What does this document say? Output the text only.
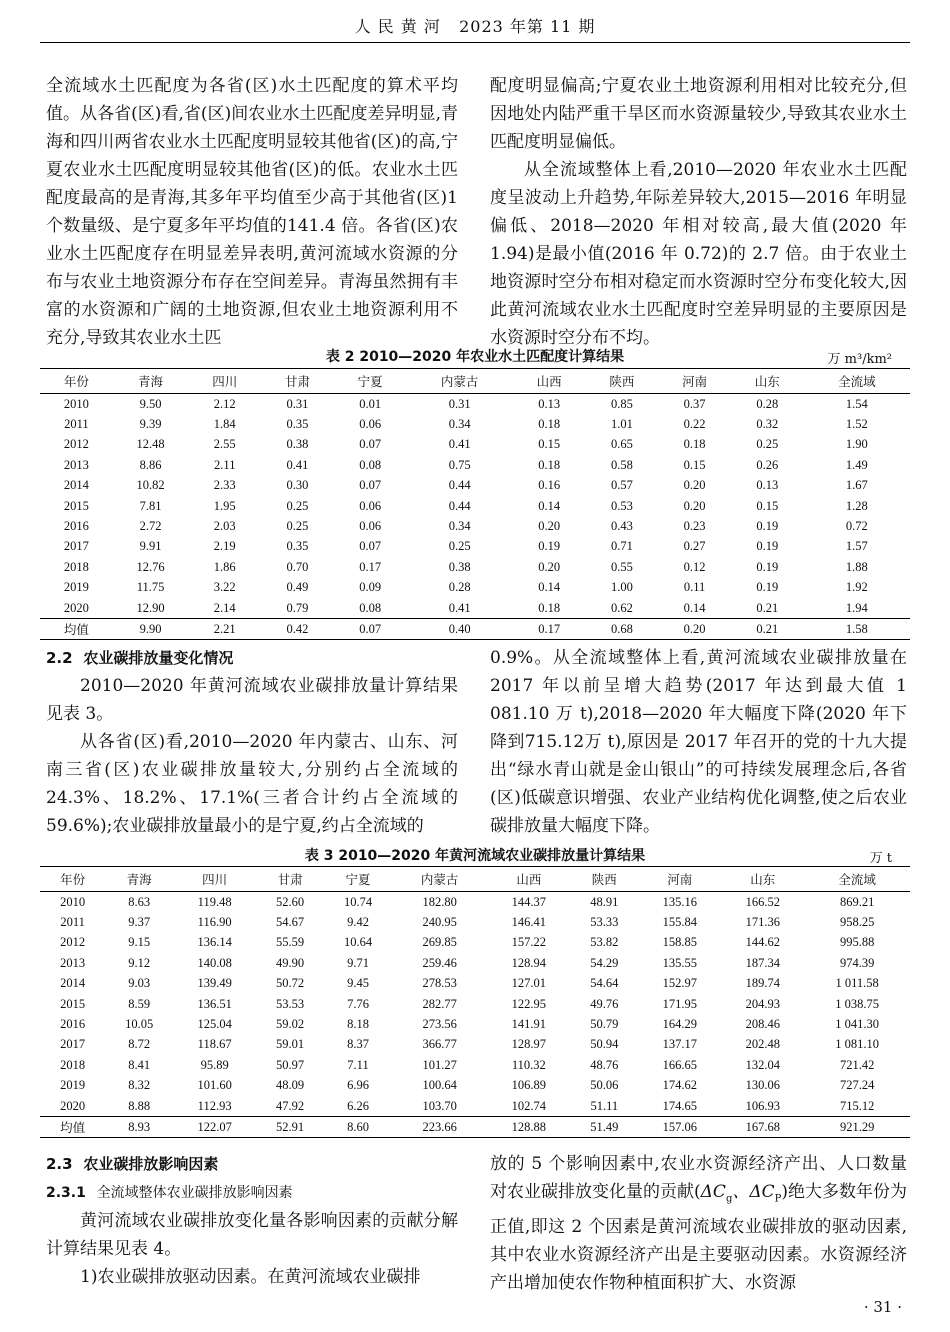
人 民 黄 河 2023 年第 11 期

全流域水土匹配度为各省(区)水土匹配度的算术平均值。从各省(区)看,省(区)间农业水土匹配度差异明显,青海和四川两省农业水土匹配度明显较其他省(区)的高,宁夏农业水土匹配度明显较其他省(区)的低。农业水土匹配度最高的是青海,其多年平均值至少高于其他省(区)1 个数量级、是宁夏多年平均值的141.4 倍。各省(区)农业水土匹配度存在明显差异表明,黄河流域水资源的分布与农业土地资源分布存在空间差异。青海虽然拥有丰富的水资源和广阔的土地资源,但农业土地资源利用不充分,导致其农业水土匹

配度明显偏高;宁夏农业土地资源利用相对比较充分,但因地处内陆严重干旱区而水资源量较少,导致其农业水土匹配度明显偏低。

从全流域整体上看,2010—2020 年农业水土匹配度呈波动上升趋势,年际差异较大,2015—2016 年明显偏低、2018—2020 年相对较高,最大值(2020 年1.94)是最小值(2016 年 0.72)的 2.7 倍。由于农业土地资源时空分布相对稳定而水资源时空分布变化较大,因此黄河流域农业水土匹配度时空差异明显的主要原因是水资源时空分布不均。

表 2 2010—2020 年农业水土匹配度计算结果	万 m³/km²
年份	青海	四川	甘肃	宁夏	内蒙古	山西	陕西	河南	山东	全流域
2010	9.50	2.12	0.31	0.01	0.31	0.13	0.85	0.37	0.28	1.54
2011	9.39	1.84	0.35	0.06	0.34	0.18	1.01	0.22	0.32	1.52
2012	12.48	2.55	0.38	0.07	0.41	0.15	0.65	0.18	0.25	1.90
2013	8.86	2.11	0.41	0.08	0.75	0.18	0.58	0.15	0.26	1.49
2014	10.82	2.33	0.30	0.07	0.44	0.16	0.57	0.20	0.13	1.67
2015	7.81	1.95	0.25	0.06	0.44	0.14	0.53	0.20	0.15	1.28
2016	2.72	2.03	0.25	0.06	0.34	0.20	0.43	0.23	0.19	0.72
2017	9.91	2.19	0.35	0.07	0.25	0.19	0.71	0.27	0.19	1.57
2018	12.76	1.86	0.70	0.17	0.38	0.20	0.55	0.12	0.19	1.88
2019	11.75	3.22	0.49	0.09	0.28	0.14	1.00	0.11	0.19	1.92
2020	12.90	2.14	0.79	0.08	0.41	0.18	0.62	0.14	0.21	1.94
均值	9.90	2.21	0.42	0.07	0.40	0.17	0.68	0.20	0.21	1.58

2.2 农业碳排放量变化情况

2010—2020 年黄河流域农业碳排放量计算结果见表 3。

从各省(区)看,2010—2020 年内蒙古、山东、河南三省(区)农业碳排放量较大,分别约占全流域的24.3%、18.2%、17.1%(三者合计约占全流域的59.6%);农业碳排放量最小的是宁夏,约占全流域的

0.9%。从全流域整体上看,黄河流域农业碳排放量在2017 年以前呈增大趋势(2017 年达到最大值 1 081.10 万 t),2018—2020 年大幅度下降(2020 年下降到715.12万 t),原因是 2017 年召开的党的十九大提出“绿水青山就是金山银山”的可持续发展理念后,各省(区)低碳意识增强、农业产业结构优化调整,使之后农业碳排放量大幅度下降。

表 3 2010—2020 年黄河流域农业碳排放量计算结果	万 t
年份	青海	四川	甘肃	宁夏	内蒙古	山西	陕西	河南	山东	全流域
2010	8.63	119.48	52.60	10.74	182.80	144.37	48.91	135.16	166.52	869.21
2011	9.37	116.90	54.67	9.42	240.95	146.41	53.33	155.84	171.36	958.25
2012	9.15	136.14	55.59	10.64	269.85	157.22	53.82	158.85	144.62	995.88
2013	9.12	140.08	49.90	9.71	259.46	128.94	54.29	135.55	187.34	974.39
2014	9.03	139.49	50.72	9.45	278.53	127.01	54.64	152.97	189.74	1 011.58
2015	8.59	136.51	53.53	7.76	282.77	122.95	49.76	171.95	204.93	1 038.75
2016	10.05	125.04	59.02	8.18	273.56	141.91	50.79	164.29	208.46	1 041.30
2017	8.72	118.67	59.01	8.37	366.77	128.97	50.94	137.17	202.48	1 081.10
2018	8.41	95.89	50.97	7.11	101.27	110.32	48.76	166.65	132.04	721.42
2019	8.32	101.60	48.09	6.96	100.64	106.89	50.06	174.62	130.06	727.24
2020	8.88	112.93	47.92	6.26	103.70	102.74	51.11	174.65	106.93	715.12
均值	8.93	122.07	52.91	8.60	223.66	128.88	51.49	157.06	167.68	921.29

2.3 农业碳排放影响因素

2.3.1 全流域整体农业碳排放影响因素

黄河流域农业碳排放变化量各影响因素的贡献分解计算结果见表 4。

1)农业碳排放驱动因素。在黄河流域农业碳排

放的 5 个影响因素中,农业水资源经济产出、人口数量对农业碳排放变化量的贡献($\Delta C_g$、$\Delta C_P$)绝大多数年份为正值,即这 2 个因素是黄河流域农业碳排放的驱动因素,其中农业水资源经济产出是主要驱动因素。水资源经济产出增加使农作物种植面积扩大、水资源

· 31 ·
